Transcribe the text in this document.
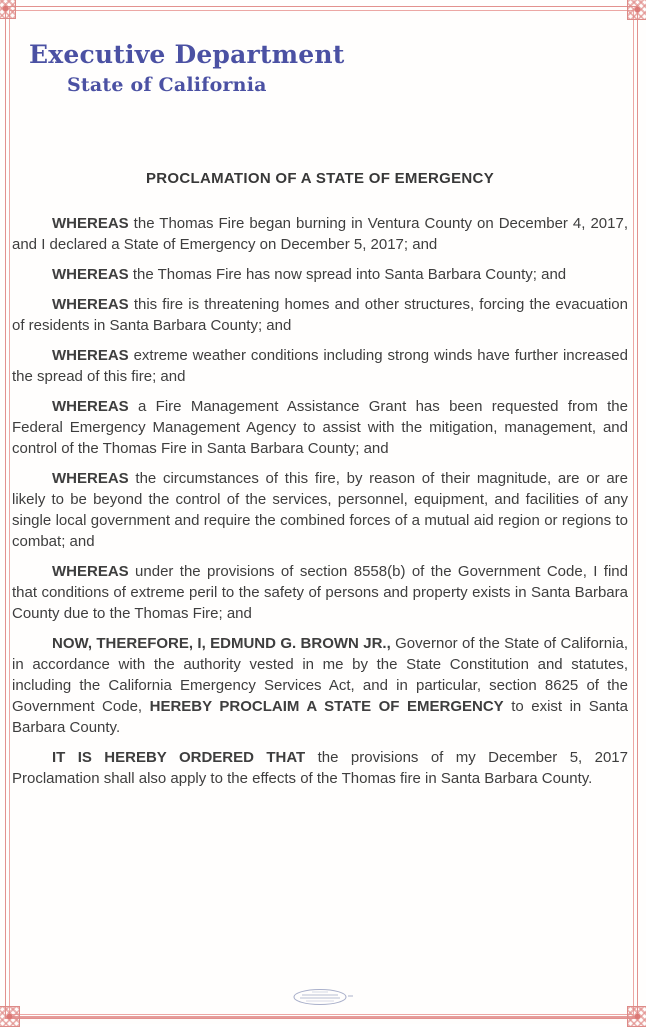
Executive Department
State of California
PROCLAMATION OF A STATE OF EMERGENCY

WHEREAS the Thomas Fire began burning in Ventura County on December 4, 2017, and I declared a State of Emergency on December 5, 2017; and

WHEREAS the Thomas Fire has now spread into Santa Barbara County; and

WHEREAS this fire is threatening homes and other structures, forcing the evacuation of residents in Santa Barbara County; and

WHEREAS extreme weather conditions including strong winds have further increased the spread of this fire; and

WHEREAS a Fire Management Assistance Grant has been requested from the Federal Emergency Management Agency to assist with the mitigation, management, and control of the Thomas Fire in Santa Barbara County; and

WHEREAS the circumstances of this fire, by reason of their magnitude, are or are likely to be beyond the control of the services, personnel, equipment, and facilities of any single local government and require the combined forces of a mutual aid region or regions to combat; and

WHEREAS under the provisions of section 8558(b) of the Government Code, I find that conditions of extreme peril to the safety of persons and property exists in Santa Barbara County due to the Thomas Fire; and

NOW, THEREFORE, I, EDMUND G. BROWN JR., Governor of the State of California, in accordance with the authority vested in me by the State Constitution and statutes, including the California Emergency Services Act, and in particular, section 8625 of the Government Code, HEREBY PROCLAIM A STATE OF EMERGENCY to exist in Santa Barbara County.

IT IS HEREBY ORDERED THAT the provisions of my December 5, 2017 Proclamation shall also apply to the effects of the Thomas fire in Santa Barbara County.
